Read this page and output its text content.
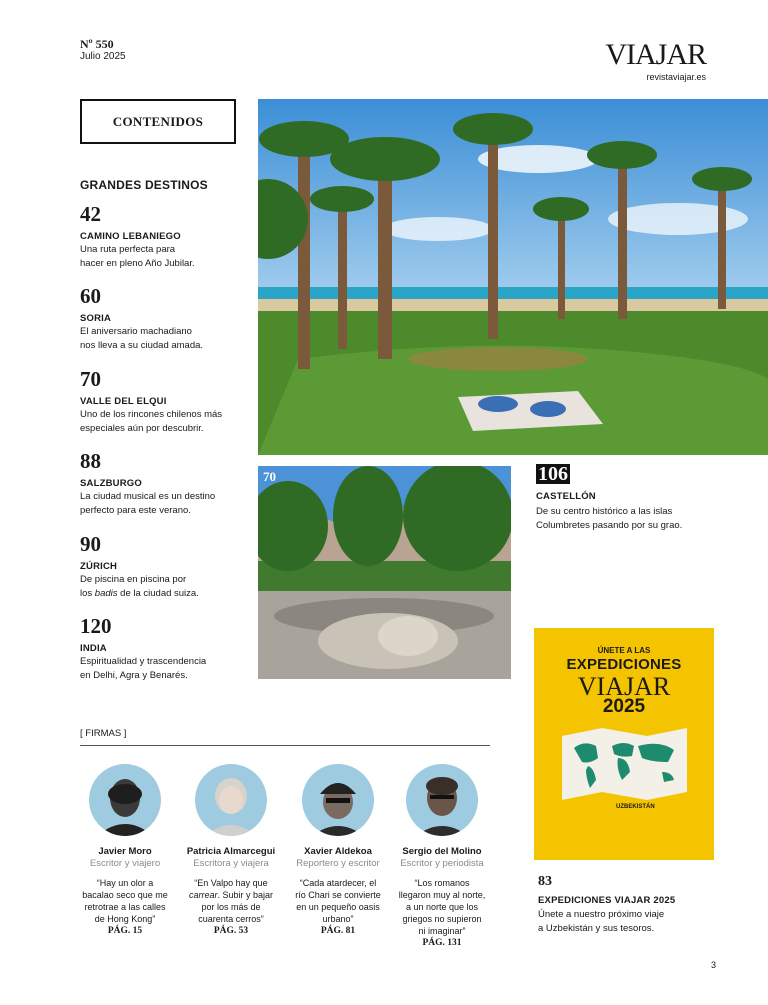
Nº 550
Julio 2025	VIAJAR
revistaviajar.es
CONTENIDOS
GRANDES DESTINOS
42
CAMINO LEBANIEGO
Una ruta perfecta para
hacer en pleno Año Jubilar.
60
SORIA
El aniversario machadiano
nos lleva a su ciudad amada.
70
VALLE DEL ELQUI
Uno de los rincones chilenos más
especiales aún por descubrir.
88
SALZBURGO
La ciudad musical es un destino
perfecto para este verano.
90
ZÚRICH
De piscina en piscina por
los badis de la ciudad suiza.
120
INDIA
Espiritualidad y trascendencia
en Delhi, Agra y Benarés.
70	106
CASTELLÓN
De su centro histórico a las islas
Columbretes pasando por su grao.
ÚNETE A LAS
EXPEDICIONES
VIAJAR
2025
UZBEKISTÁN
83
EXPEDICIONES VIAJAR 2025
Únete a nuestro próximo viaje
a Uzbekistán y sus tesoros.
[ FIRMAS ]
Javier Moro
Escritor y viajero
“Hay un olor a bacalao seco que me retrotrae a las calles de Hong Kong”
PÁG. 15
Patricia Almarcegui
Escritora y viajera
“En Valpo hay que carrear. Subir y bajar por los más de cuarenta cerros”
PÁG. 53
Xavier Aldekoa
Reportero y escritor
“Cada atardecer, el río Chari se convierte en un pequeño oasis urbano”
PÁG. 81
Sergio del Molino
Escritor y periodista
“Los romanos llegaron muy al norte, a un norte que los griegos no supieron ni imaginar”
PÁG. 131
3
